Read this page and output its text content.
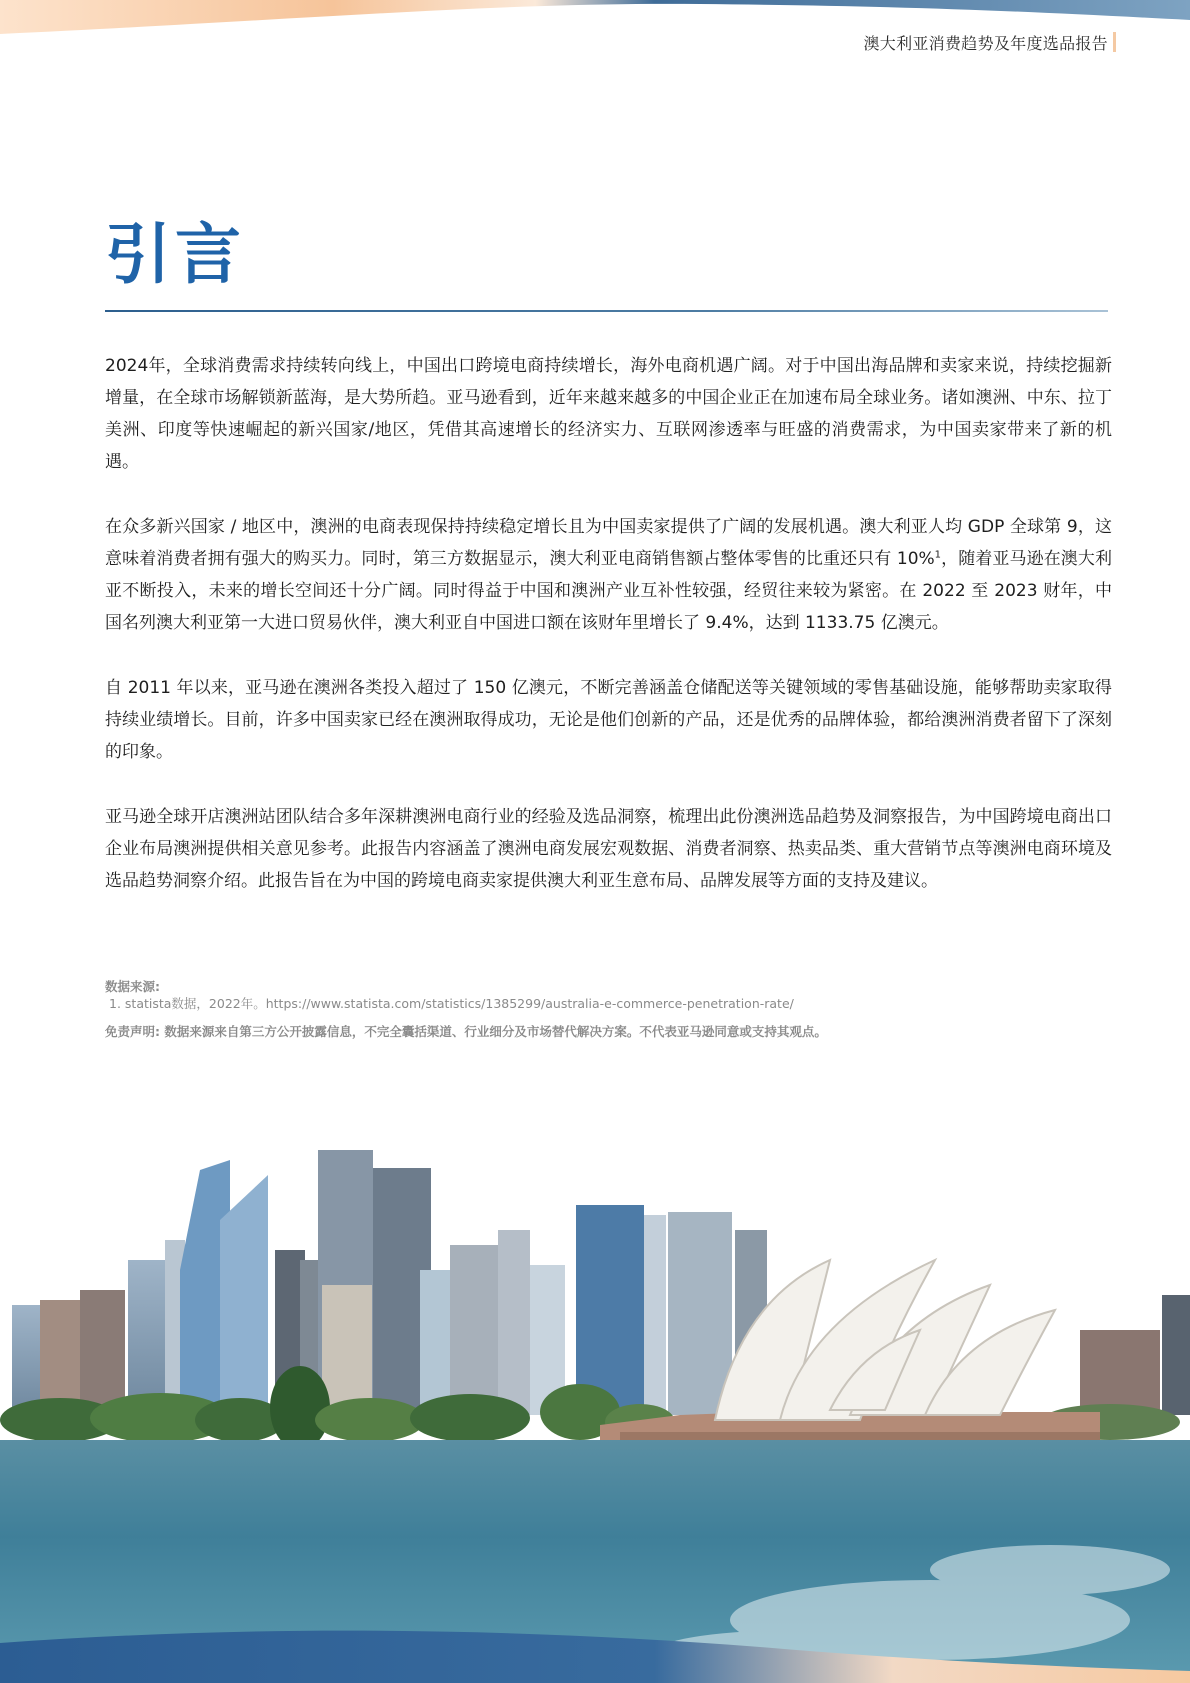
澳大利亚消费趋势及年度选品报告
引言

2024年，全球消费需求持续转向线上，中国出口跨境电商持续增长，海外电商机遇广阔。对于中国出海品牌和卖家来说，持续挖掘新增量，在全球市场解锁新蓝海，是大势所趋。亚马逊看到，近年来越来越多的中国企业正在加速布局全球业务。诸如澳洲、中东、拉丁美洲、印度等快速崛起的新兴国家/地区，凭借其高速增长的经济实力、互联网渗透率与旺盛的消费需求，为中国卖家带来了新的机遇。

在众多新兴国家 / 地区中，澳洲的电商表现保持持续稳定增长且为中国卖家提供了广阔的发展机遇。澳大利亚人均 GDP 全球第 9，这意味着消费者拥有强大的购买力。同时，第三方数据显示，澳大利亚电商销售额占整体零售的比重还只有 10%$^1$，随着亚马逊在澳大利亚不断投入，未来的增长空间还十分广阔。同时得益于中国和澳洲产业互补性较强，经贸往来较为紧密。在 2022 至 2023 财年，中国名列澳大利亚第一大进口贸易伙伴，澳大利亚自中国进口额在该财年里增长了 9.4%，达到 1133.75 亿澳元。

自 2011 年以来，亚马逊在澳洲各类投入超过了 150 亿澳元，不断完善涵盖仓储配送等关键领域的零售基础设施，能够帮助卖家取得持续业绩增长。目前，许多中国卖家已经在澳洲取得成功，无论是他们创新的产品，还是优秀的品牌体验，都给澳洲消费者留下了深刻的印象。

亚马逊全球开店澳洲站团队结合多年深耕澳洲电商行业的经验及选品洞察，梳理出此份澳洲选品趋势及洞察报告，为中国跨境电商出口企业布局澳洲提供相关意见参考。此报告内容涵盖了澳洲电商发展宏观数据、消费者洞察、热卖品类、重大营销节点等澳洲电商环境及选品趋势洞察介绍。此报告旨在为中国的跨境电商卖家提供澳大利亚生意布局、品牌发展等方面的支持及建议。

数据来源:
1. statista数据，2022年。https://www.statista.com/statistics/1385299/australia-e-commerce-penetration-rate/
免责声明: 数据来源来自第三方公开披露信息，不完全囊括渠道、行业细分及市场替代解决方案。不代表亚马逊同意或支持其观点。
